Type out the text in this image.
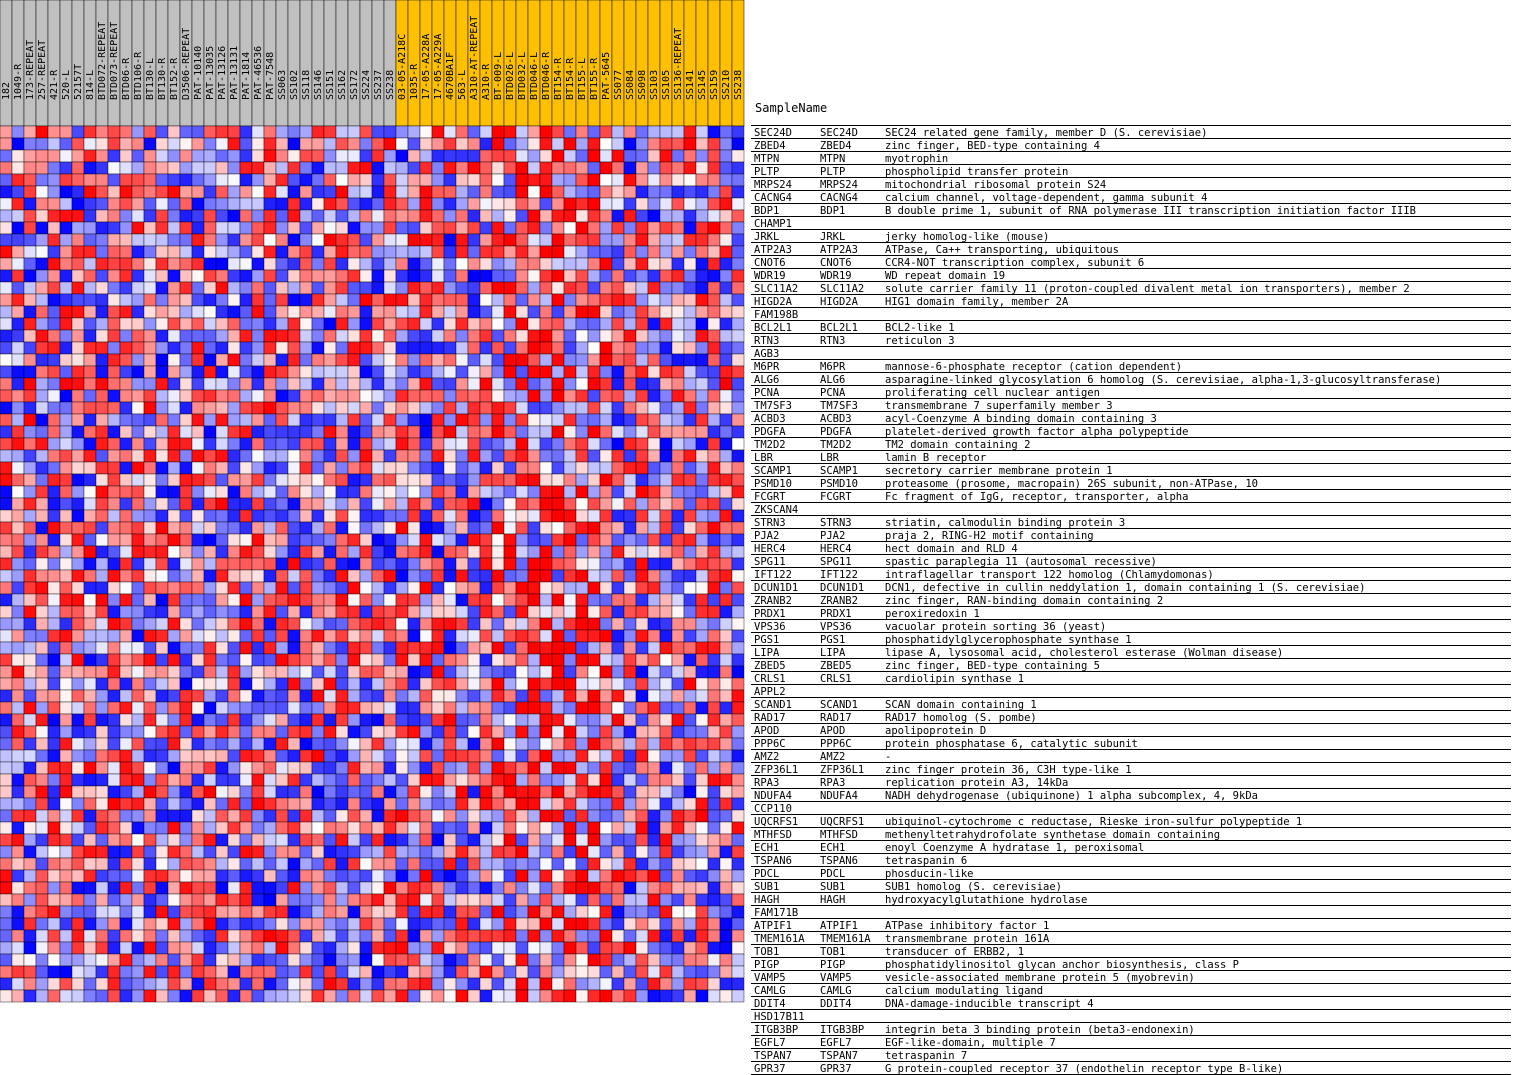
182 1049-R 173-REPEAT 257-REPEAT 421-R 520-L 52157T 814-L BTD072-REPEAT BTD073-REPEAT BTD06-R BTD106-R BT130-L BT130-R BT152-R D3506-REPEAT PAT-10140 PAT-13035 PAT-13126 PAT-13131 PAT-1814 PAT-46536 PAT-7548 SS063 SS102 SS118 SS146 SS151 SS162 SS172 SS224 SS237 SS238 03-05-A218C 1035-R 17-05-A228A 17-05-A229A 4670BA1F 563-L A310-AT-REPEAT A310-R BT-009-L BTD026-L BTD032-L BTD046-L BTD046-R BT154-R BT154-R BT155-L BT155-R PAT-5645 SS077 SS084 SS098 SS103 SS105 SS136-REPEAT SS141 SS145 SS159 SS210 SS238
SampleName
SEC24D	SEC24D	SEC24 related gene family, member D (S. cerevisiae)
ZBED4	ZBED4	zinc finger, BED-type containing 4
MTPN	MTPN	myotrophin
PLTP	PLTP	phospholipid transfer protein
MRPS24	MRPS24	mitochondrial ribosomal protein S24
CACNG4	CACNG4	calcium channel, voltage-dependent, gamma subunit 4
BDP1	BDP1	B double prime 1, subunit of RNA polymerase III transcription initiation factor IIIB
CHAMP1
JRKL	JRKL	jerky homolog-like (mouse)
ATP2A3	ATP2A3	ATPase, Ca++ transporting, ubiquitous
CNOT6	CNOT6	CCR4-NOT transcription complex, subunit 6
WDR19	WDR19	WD repeat domain 19
SLC11A2 SLC11A2 solute carrier family 11 (proton-coupled divalent metal ion transporters), member 2
HIGD2A	HIGD2A	HIG1 domain family, member 2A
FAM198B
BCL2L1	BCL2L1	BCL2-like 1
RTN3	RTN3	reticulon 3
AGB3
M6PR	M6PR	mannose-6-phosphate receptor (cation dependent)
ALG6	ALG6	asparagine-linked glycosylation 6 homolog (S. cerevisiae, alpha-1,3-glucosyltransferase)
PCNA	PCNA	proliferating cell nuclear antigen
TM7SF3	TM7SF3	transmembrane 7 superfamily member 3
ACBD3	ACBD3	acyl-Coenzyme A binding domain containing 3
PDGFA	PDGFA	platelet-derived growth factor alpha polypeptide
TM2D2	TM2D2	TM2 domain containing 2
LBR	LBR	lamin B receptor
SCAMP1	SCAMP1	secretory carrier membrane protein 1
PSMD10	PSMD10	proteasome (prosome, macropain) 26S subunit, non-ATPase, 10
FCGRT	FCGRT	Fc fragment of IgG, receptor, transporter, alpha
ZKSCAN4
STRN3	STRN3	striatin, calmodulin binding protein 3
PJA2	PJA2	praja 2, RING-H2 motif containing
HERC4	HERC4	hect domain and RLD 4
SPG11	SPG11	spastic paraplegia 11 (autosomal recessive)
IFT122	IFT122	intraflagellar transport 122 homolog (Chlamydomonas)
DCUN1D1 DCUN1D1 DCN1, defective in cullin neddylation 1, domain containing 1 (S. cerevisiae)
ZRANB2	ZRANB2	zinc finger, RAN-binding domain containing 2
PRDX1	PRDX1	peroxiredoxin 1
VPS36	VPS36	vacuolar protein sorting 36 (yeast)
PGS1	PGS1	phosphatidylglycerophosphate synthase 1
LIPA	LIPA	lipase A, lysosomal acid, cholesterol esterase (Wolman disease)
ZBED5	ZBED5	zinc finger, BED-type containing 5
CRLS1	CRLS1	cardiolipin synthase 1
APPL2
SCAND1	SCAND1	SCAN domain containing 1
RAD17	RAD17	RAD17 homolog (S. pombe)
APOD	APOD	apolipoprotein D
PPP6C	PPP6C	protein phosphatase 6, catalytic subunit
AMZ2	AMZ2	-
ZFP36L1 ZFP36L1 zinc finger protein 36, C3H type-like 1
RPA3	RPA3	replication protein A3, 14kDa
NDUFA4	NDUFA4	NADH dehydrogenase (ubiquinone) 1 alpha subcomplex, 4, 9kDa
CCP110
UQCRFS1 UQCRFS1 ubiquinol-cytochrome c reductase, Rieske iron-sulfur polypeptide 1
MTHFSD	MTHFSD	methenyltetrahydrofolate synthetase domain containing
ECH1	ECH1	enoyl Coenzyme A hydratase 1, peroxisomal
TSPAN6	TSPAN6	tetraspanin 6
PDCL	PDCL	phosducin-like
SUB1	SUB1	SUB1 homolog (S. cerevisiae)
HAGH	HAGH	hydroxyacylglutathione hydrolase
FAM171B
ATPIF1	ATPIF1	ATPase inhibitory factor 1
TMEM161A TMEM161A transmembrane protein 161A
TOB1	TOB1	transducer of ERBB2, 1
PIGP	PIGP	phosphatidylinositol glycan anchor biosynthesis, class P
VAMP5	VAMP5	vesicle-associated membrane protein 5 (myobrevin)
CAMLG	CAMLG	calcium modulating ligand
DDIT4	DDIT4	DNA-damage-inducible transcript 4
HSD17B11
ITGB3BP ITGB3BP integrin beta 3 binding protein (beta3-endonexin)
EGFL7	EGFL7	EGF-like-domain, multiple 7
TSPAN7	TSPAN7	tetraspanin 7
GPR37	GPR37	G protein-coupled receptor 37 (endothelin receptor type B-like)
